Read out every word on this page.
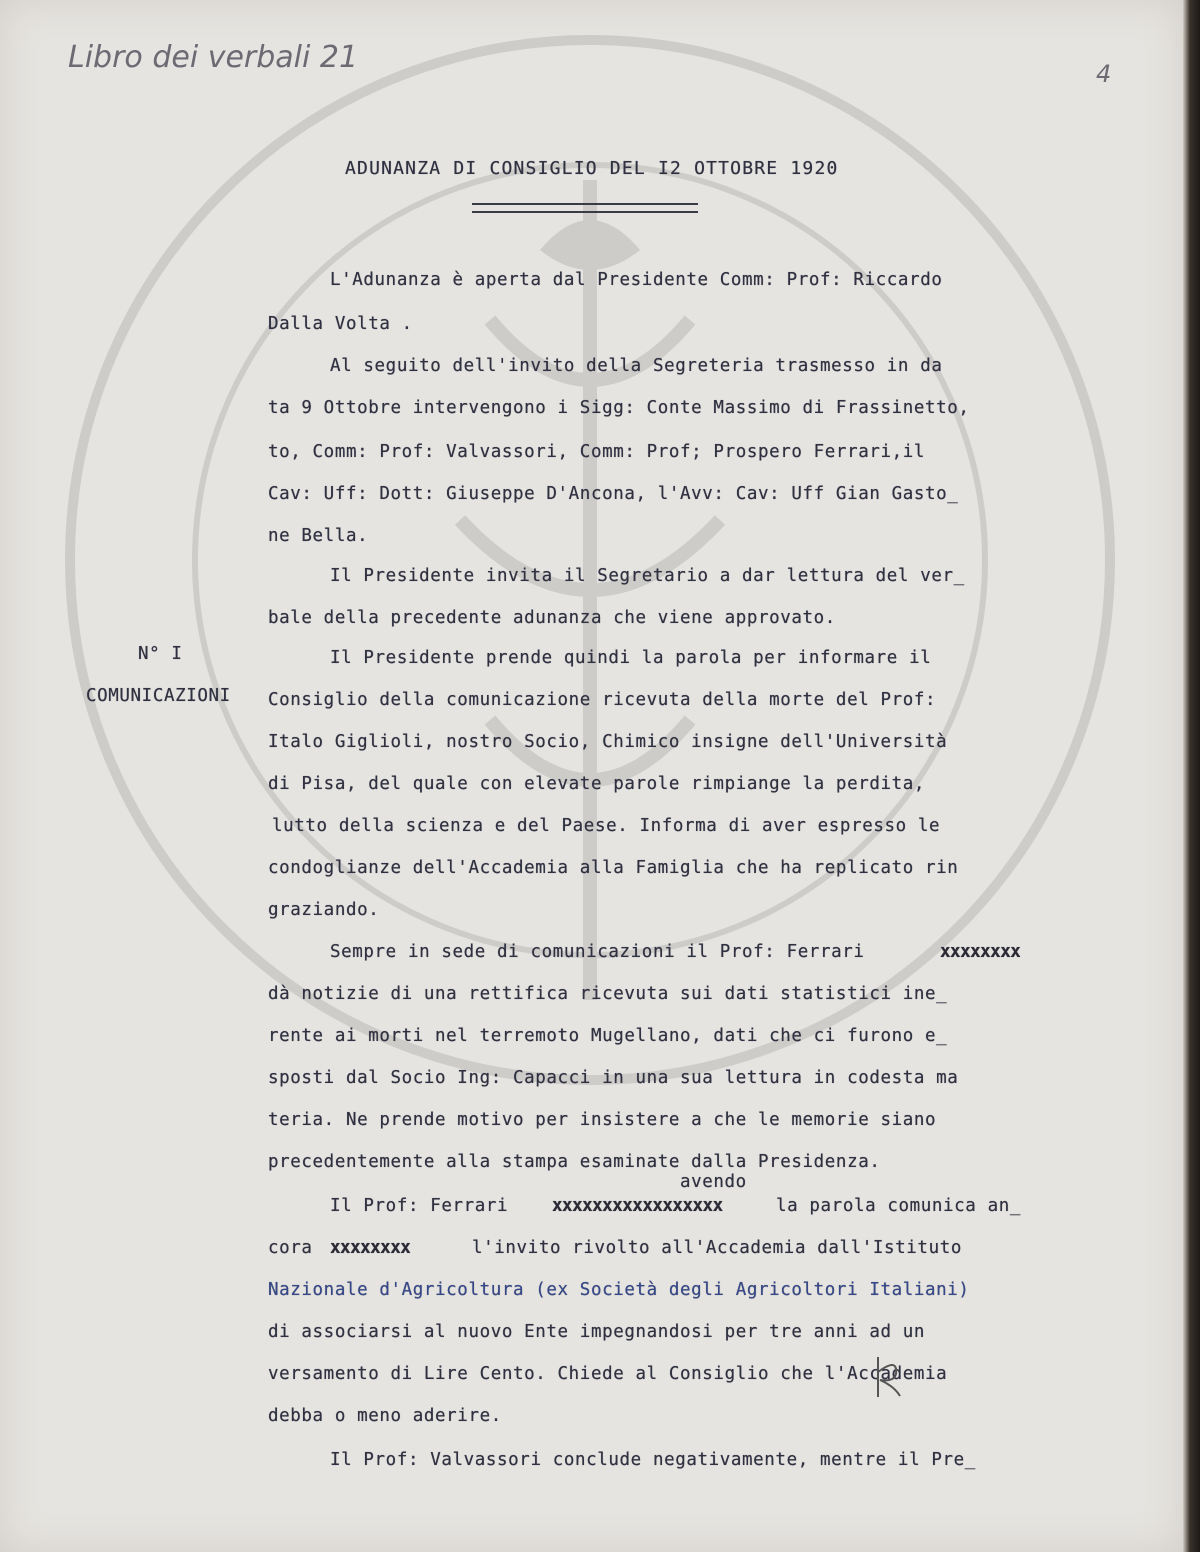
Libro dei verbali 21	4
ADUNANZA DI CONSIGLIO DEL I2 OTTOBRE 1920
N° I
COMUNICAZIONI
L'Adunanza è aperta dal Presidente Comm: Prof: Riccardo
Dalla Volta .
Al seguito dell'invito della Segreteria trasmesso in da
ta 9 Ottobre intervengono i Sigg: Conte Massimo di Frassinetto,
to, Comm: Prof: Valvassori, Comm: Prof; Prospero Ferrari,il
Cav: Uff: Dott: Giuseppe D'Ancona, l'Avv: Cav: Uff Gian Gasto_
ne Bella.
Il Presidente invita il Segretario a dar lettura del ver_
bale della precedente adunanza che viene approvato.
Il Presidente prende quindi la parola per informare il
Consiglio della comunicazione ricevuta della morte del Prof:
Italo Giglioli, nostro Socio, Chimico insigne dell'Università
di Pisa, del quale con elevate parole rimpiange la perdita,
lutto della scienza e del Paese. Informa di aver espresso le
condoglianze dell'Accademia alla Famiglia che ha replicato rin
graziando.
Sempre in sede di comunicazioni il Prof: Ferrari	xxxxxxxx
dà notizie di una rettifica ricevuta sui dati statistici ine_
rente ai morti nel terremoto Mugellano, dati che ci furono e_
sposti dal Socio Ing: Capacci in una sua lettura in codesta ma
teria. Ne prende motivo per insistere a che le memorie siano
precedentemente alla stampa esaminate dalla Presidenza.
avendo
Il Prof: Ferrari	xxxxxxxxxxxxxxxxx	la parola comunica an_
cora xxxxxxxx	l'invito rivolto all'Accademia dall'Istituto
Nazionale d'Agricoltura (ex Società degli Agricoltori Italiani)
di associarsi al nuovo Ente impegnandosi per tre anni ad un
versamento di Lire Cento. Chiede al Consiglio che l'Accademia
debba o meno aderire.
Il Prof: Valvassori conclude negativamente, mentre il Pre_
